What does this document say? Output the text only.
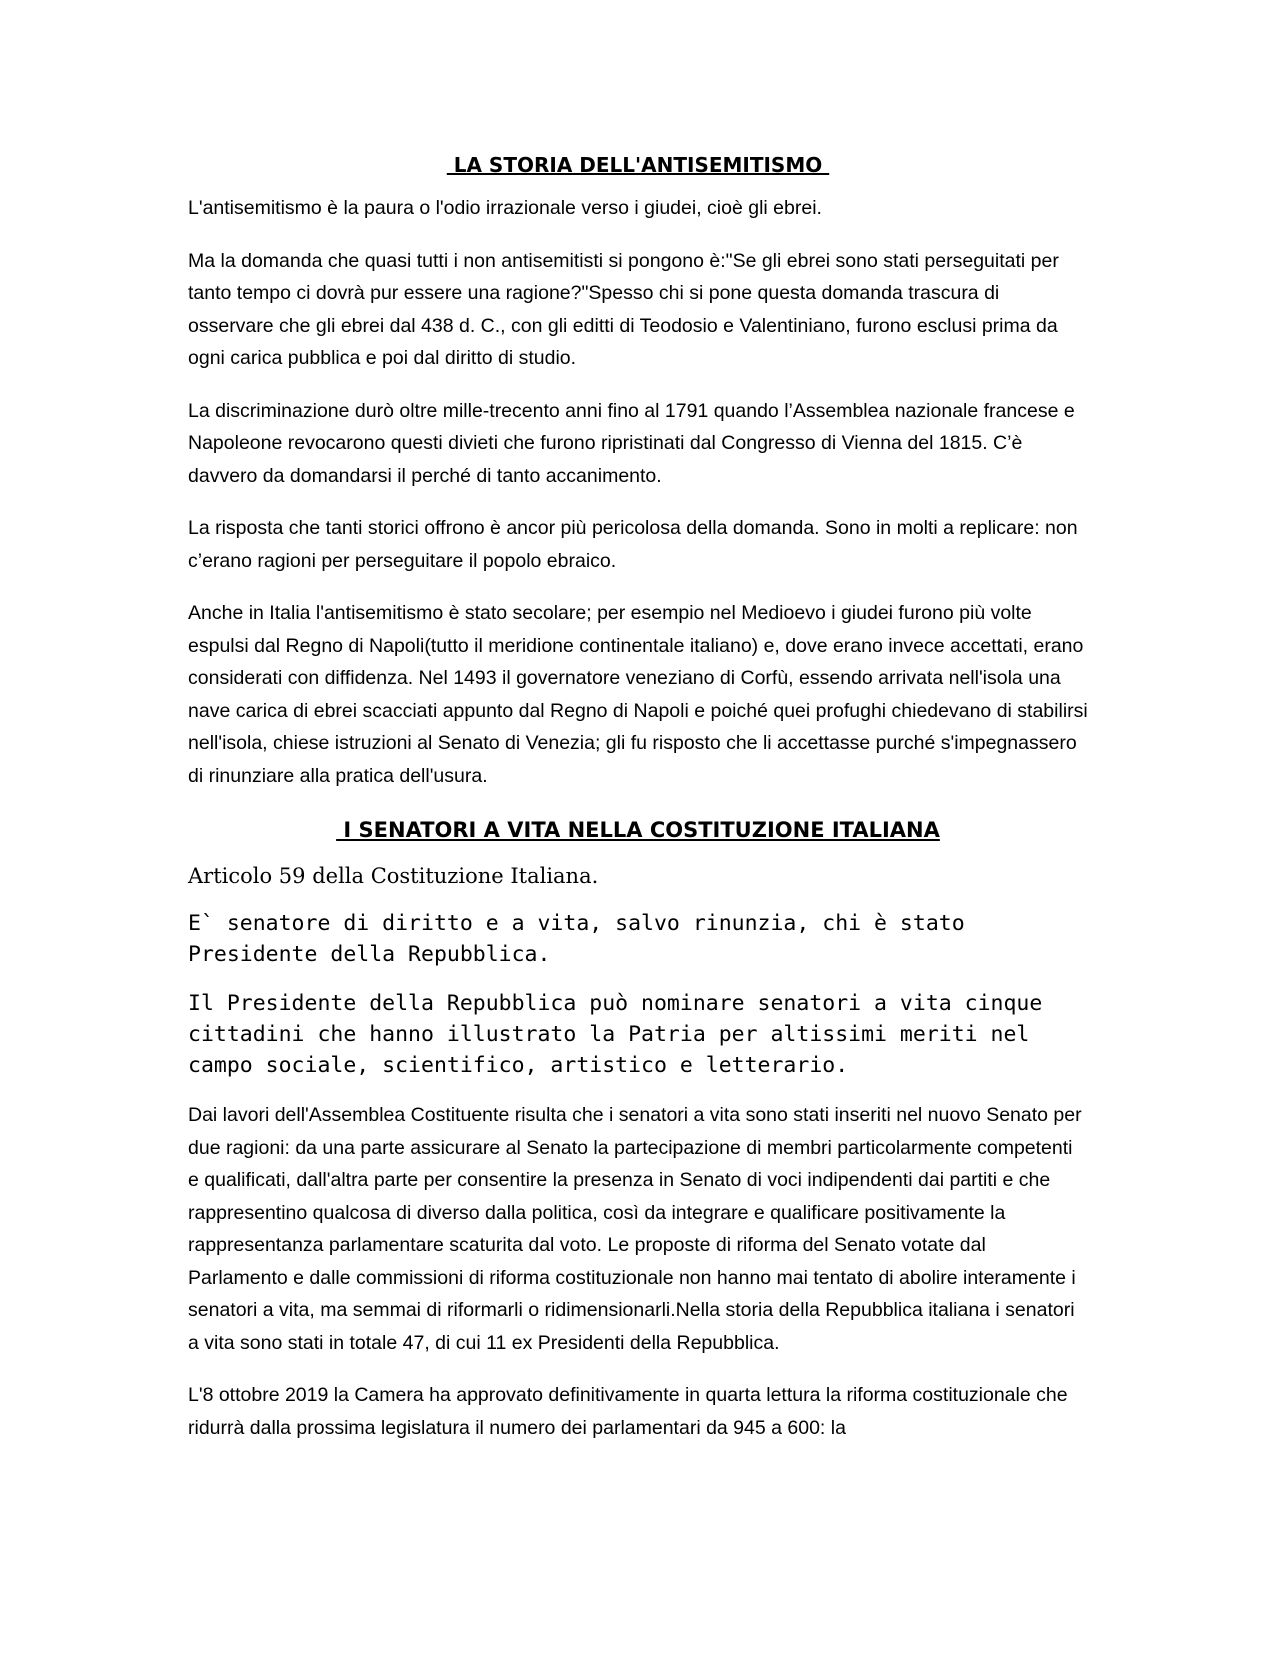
LA STORIA DELL'ANTISEMITISMO

L'antisemitismo è la paura o l'odio irrazionale verso i giudei, cioè gli ebrei.

Ma la domanda che quasi tutti i non antisemitisti si pongono è:"Se gli ebrei sono stati perseguitati per tanto tempo ci dovrà pur essere una ragione?"Spesso chi si pone questa domanda trascura di osservare che gli ebrei dal 438 d. C., con gli editti di Teodosio e Valentiniano, furono esclusi prima da ogni carica pubblica e poi dal diritto di studio.

La discriminazione durò oltre mille-trecento anni fino al 1791 quando l’Assemblea nazionale francese e Napoleone revocarono questi divieti che furono ripristinati dal Congresso di Vienna del 1815. C’è davvero da domandarsi il perché di tanto accanimento.

La risposta che tanti storici offrono è ancor più pericolosa della domanda. Sono in molti a replicare: non c’erano ragioni per perseguitare il popolo ebraico.

Anche in Italia l'antisemitismo è stato secolare; per esempio nel Medioevo i giudei furono più volte espulsi dal Regno di Napoli(tutto il meridione continentale italiano) e, dove erano invece accettati, erano considerati con diffidenza. Nel 1493 il governatore veneziano di Corfù, essendo arrivata nell'isola una nave carica di ebrei scacciati appunto dal Regno di Napoli e poiché quei profughi chiedevano di stabilirsi nell'isola, chiese istruzioni al Senato di Venezia; gli fu risposto che li accettasse purché s'impegnassero di rinunziare alla pratica dell'usura.

I SENATORI A VITA NELLA COSTITUZIONE ITALIANA

Articolo 59 della Costituzione Italiana.

E` senatore di diritto e a vita, salvo rinunzia, chi è stato Presidente della Repubblica.

Il Presidente della Repubblica può nominare senatori a vita cinque cittadini che hanno illustrato la Patria per altissimi meriti nel campo sociale, scientifico, artistico e letterario.

Dai lavori dell'Assemblea Costituente risulta che i senatori a vita sono stati inseriti nel nuovo Senato per due ragioni: da una parte assicurare al Senato la partecipazione di membri particolarmente competenti e qualificati, dall'altra parte per consentire la presenza in Senato di voci indipendenti dai partiti e che rappresentino qualcosa di diverso dalla politica, così da integrare e qualificare positivamente la rappresentanza parlamentare scaturita dal voto. Le proposte di riforma del Senato votate dal Parlamento e dalle commissioni di riforma costituzionale non hanno mai tentato di abolire interamente i senatori a vita, ma semmai di riformarli o ridimensionarli.Nella storia della Repubblica italiana i senatori a vita sono stati in totale 47, di cui 11 ex Presidenti della Repubblica.

L'8 ottobre 2019 la Camera ha approvato definitivamente in quarta lettura la riforma costituzionale che ridurrà dalla prossima legislatura il numero dei parlamentari da 945 a 600: la
